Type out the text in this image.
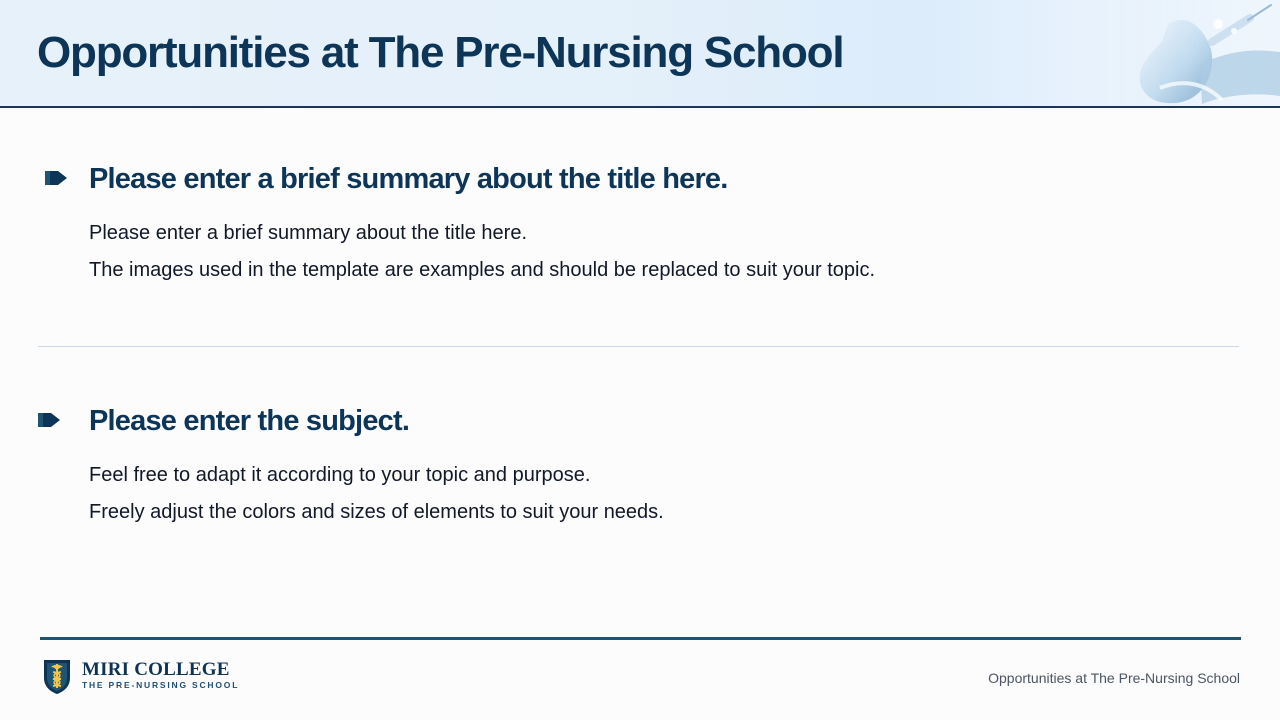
Opportunities at The Pre-Nursing School
Please enter a brief summary about the title here.

Please enter a brief summary about the title here.

The images used in the template are examples and should be replaced to suit your topic.

Please enter the subject.

Feel free to adapt it according to your topic and purpose.

Freely adjust the colors and sizes of elements to suit your needs.

MIRI COLLEGE

THE PRE-NURSING SCHOOL	Opportunities at The Pre-Nursing School
